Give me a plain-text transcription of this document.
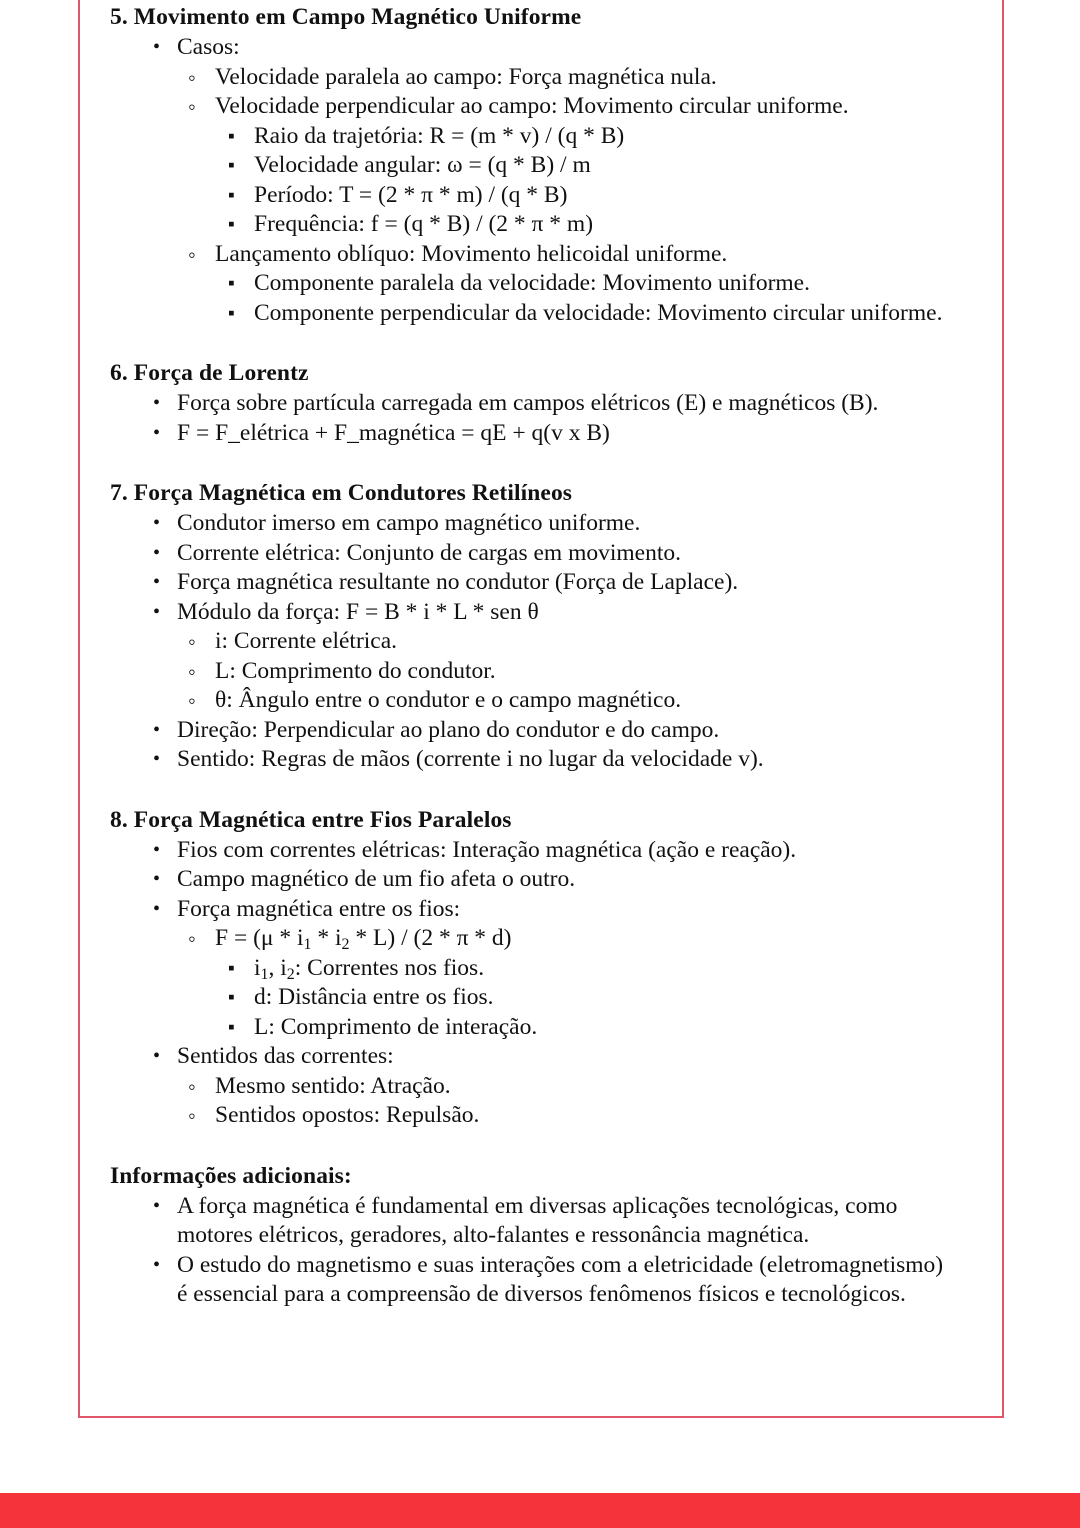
5. Movimento em Campo Magnético Uniforme
• Casos:
◦ Velocidade paralela ao campo: Força magnética nula.
◦ Velocidade perpendicular ao campo: Movimento circular uniforme.
▪ Raio da trajetória: R = (m * v) / (q * B)
▪ Velocidade angular: ω = (q * B) / m
▪ Período: T = (2 * π * m) / (q * B)
▪ Frequência: f = (q * B) / (2 * π * m)
◦ Lançamento oblíquo: Movimento helicoidal uniforme.
▪ Componente paralela da velocidade: Movimento uniforme.
▪ Componente perpendicular da velocidade: Movimento circular uniforme.
6. Força de Lorentz
• Força sobre partícula carregada em campos elétricos (E) e magnéticos (B).
• F = F_elétrica + F_magnética = qE + q(v x B)
7. Força Magnética em Condutores Retilíneos
• Condutor imerso em campo magnético uniforme.
• Corrente elétrica: Conjunto de cargas em movimento.
• Força magnética resultante no condutor (Força de Laplace).
• Módulo da força: F = B * i * L * sen θ
◦ i: Corrente elétrica.
◦ L: Comprimento do condutor.
◦ θ: Ângulo entre o condutor e o campo magnético.
• Direção: Perpendicular ao plano do condutor e do campo.
• Sentido: Regras de mãos (corrente i no lugar da velocidade v).
8. Força Magnética entre Fios Paralelos
• Fios com correntes elétricas: Interação magnética (ação e reação).
• Campo magnético de um fio afeta o outro.
• Força magnética entre os fios:
◦ $F = (\mu * i_1 * i_2 * L) / (2 * \pi * d)$
▪ $i_1$, $i_2$: Correntes nos fios.
▪ d: Distância entre os fios.
▪ L: Comprimento de interação.
• Sentidos das correntes:
◦ Mesmo sentido: Atração.
◦ Sentidos opostos: Repulsão.
Informações adicionais:
• A força magnética é fundamental em diversas aplicações tecnológicas, como motores elétricos, geradores, alto-falantes e ressonância magnética.
• O estudo do magnetismo e suas interações com a eletricidade (eletromagnetismo) é essencial para a compreensão de diversos fenômenos físicos e tecnológicos.
